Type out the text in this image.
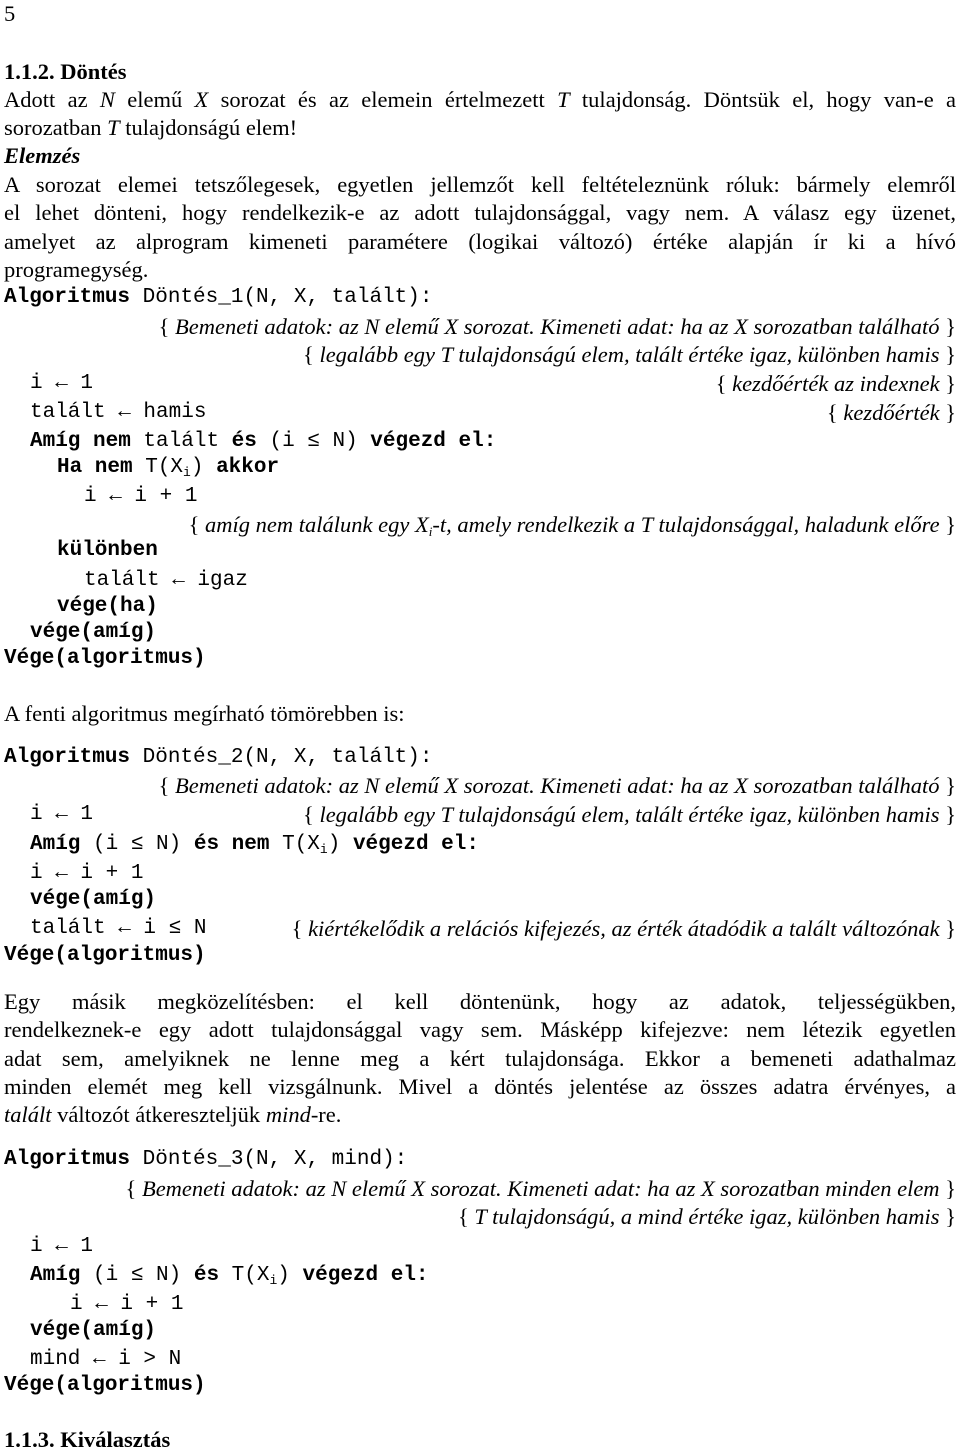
5
1.1.2. Döntés
Adott az N elemű X sorozat és az elemein értelmezett T tulajdonság. Döntsük el, hogy van-e a
sorozatban T tulajdonságú elem!
Elemzés
A sorozat elemei tetszőlegesek, egyetlen jellemzőt kell feltételeznünk róluk: bármely elemről
el lehet dönteni, hogy rendelkezik-e az adott tulajdonsággal, vagy nem. A válasz egy üzenet,
amelyet az alprogram kimeneti paramétere (logikai változó) értéke alapján ír ki a hívó
programegység.
Algoritmus Döntés_1(N, X, talált):
{ Bemeneti adatok: az N elemű X sorozat. Kimeneti adat: ha az X sorozatban található }
{ legalább egy T tulajdonságú elem, talált értéke igaz, különben hamis }
i ← 1	{ kezdőérték az indexnek }
talált ← hamis	{ kezdőérték }
Amíg nem talált és (i ≤ N) végezd el:
Ha nem $T(X_i)$ akkor
i ← i + 1
{ amíg nem találunk egy $X_i-t$, amely rendelkezik a T tulajdonsággal, haladunk előre }
különben
talált ← igaz
vége(ha)
vége(amíg)
Vége(algoritmus)
A fenti algoritmus megírható tömörebben is:
Algoritmus Döntés_2(N, X, talált):
{ Bemeneti adatok: az N elemű X sorozat. Kimeneti adat: ha az X sorozatban található }
i ← 1	{ legalább egy T tulajdonságú elem, talált értéke igaz, különben hamis }
Amíg (i ≤ N) és nem $T(X_i)$ végezd el:
i ← i + 1
vége(amíg)
talált ← i ≤ N	{ kiértékelődik a relációs kifejezés, az érték átadódik a talált változónak }
Vége(algoritmus)
Egy másik megközelítésben: el kell döntenünk, hogy az adatok, teljességükben,
rendelkeznek-e egy adott tulajdonsággal vagy sem. Másképp kifejezve: nem létezik egyetlen
adat sem, amelyiknek ne lenne meg a kért tulajdonsága. Ekkor a bemeneti adathalmaz
minden elemét meg kell vizsgálnunk. Mivel a döntés jelentése az összes adatra érvényes, a
talált változót átkereszteljük mind-re.
Algoritmus Döntés_3(N, X, mind):
{ Bemeneti adatok: az N elemű X sorozat. Kimeneti adat: ha az X sorozatban minden elem }
{ T tulajdonságú, a mind értéke igaz, különben hamis }
i ← 1
Amíg (i ≤ N) és $T(X_i)$ végezd el:
i ← i + 1
vége(amíg)
mind ← i > N
Vége(algoritmus)
1.1.3. Kiválasztás
